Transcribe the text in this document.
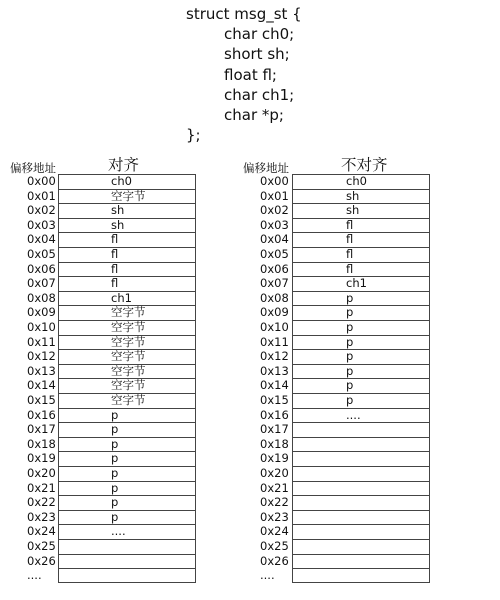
struct msg_st {
char ch0;
short sh;
float fl;
char ch1;
char *p;
};
偏移地址	对齐
0x00	ch0
0x01	空字节
0x02	sh
0x03	sh
0x04	fl
0x05	fl
0x06	fl
0x07	fl
0x08	ch1
0x09	空字节
0x10	空字节
0x11	空字节
0x12	空字节
0x13	空字节
0x14	空字节
0x15	空字节
0x16	p
0x17	p
0x18	p
0x19	p
0x20	p
0x21	p
0x22	p
0x23	p
0x24	....
0x25
0x26
....
偏移地址	不对齐
0x00	ch0
0x01	sh
0x02	sh
0x03	fl
0x04	fl
0x05	fl
0x06	fl
0x07	ch1
0x08	p
0x09	p
0x10	p
0x11	p
0x12	p
0x13	p
0x14	p
0x15	p
0x16	....
0x17
0x18
0x19
0x20
0x21
0x22
0x23
0x24
0x25
0x26
....
